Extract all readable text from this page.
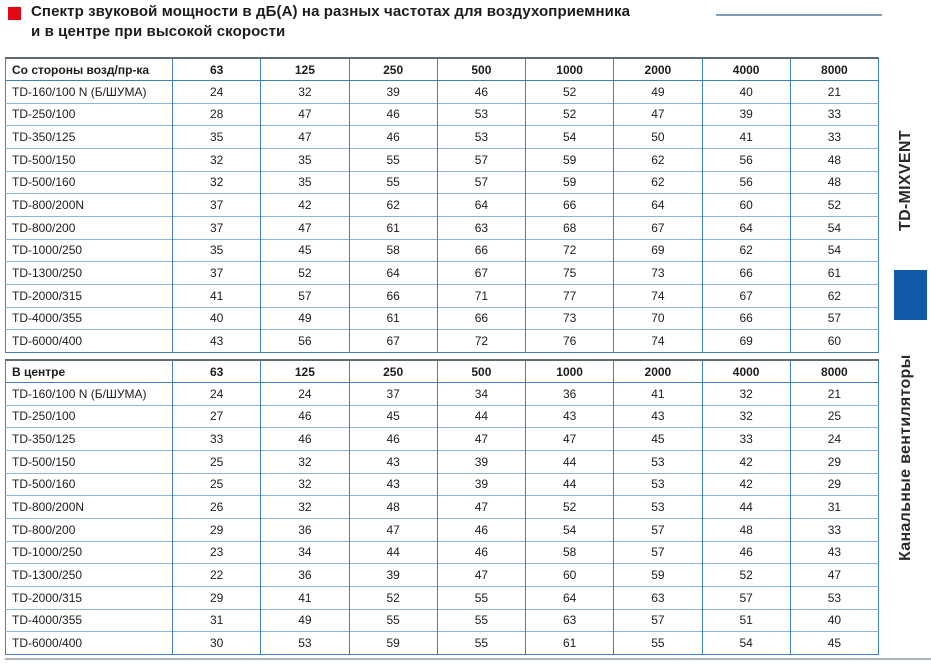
Спектр звуковой мощности в дБ(А) на разных частотах для воздухоприемника
и в центре при высокой скорости
Со стороны возд/пр-ка	63	125	250	500	1000	2000	4000	8000
TD-160/100 N (Б/ШУМА)	24	32	39	46	52	49	40	21
TD-250/100	28	47	46	53	52	47	39	33
TD-350/125	35	47	46	53	54	50	41	33
TD-500/150	32	35	55	57	59	62	56	48
TD-500/160	32	35	55	57	59	62	56	48
TD-800/200N	37	42	62	64	66	64	60	52
TD-800/200	37	47	61	63	68	67	64	54
TD-1000/250	35	45	58	66	72	69	62	54
TD-1300/250	37	52	64	67	75	73	66	61
TD-2000/315	41	57	66	71	77	74	67	62
TD-4000/355	40	49	61	66	73	70	66	57
TD-6000/400	43	56	67	72	76	74	69	60
В центре	63	125	250	500	1000	2000	4000	8000
TD-160/100 N (Б/ШУМА)	24	24	37	34	36	41	32	21
TD-250/100	27	46	45	44	43	43	32	25
TD-350/125	33	46	46	47	47	45	33	24
TD-500/150	25	32	43	39	44	53	42	29
TD-500/160	25	32	43	39	44	53	42	29
TD-800/200N	26	32	48	47	52	53	44	31
TD-800/200	29	36	47	46	54	57	48	33
TD-1000/250	23	34	44	46	58	57	46	43
TD-1300/250	22	36	39	47	60	59	52	47
TD-2000/315	29	41	52	55	64	63	57	53
TD-4000/355	31	49	55	55	63	57	51	40
TD-6000/400	30	53	59	55	61	55	54	45
TD-MIXVENT
Канальные вентиляторы
